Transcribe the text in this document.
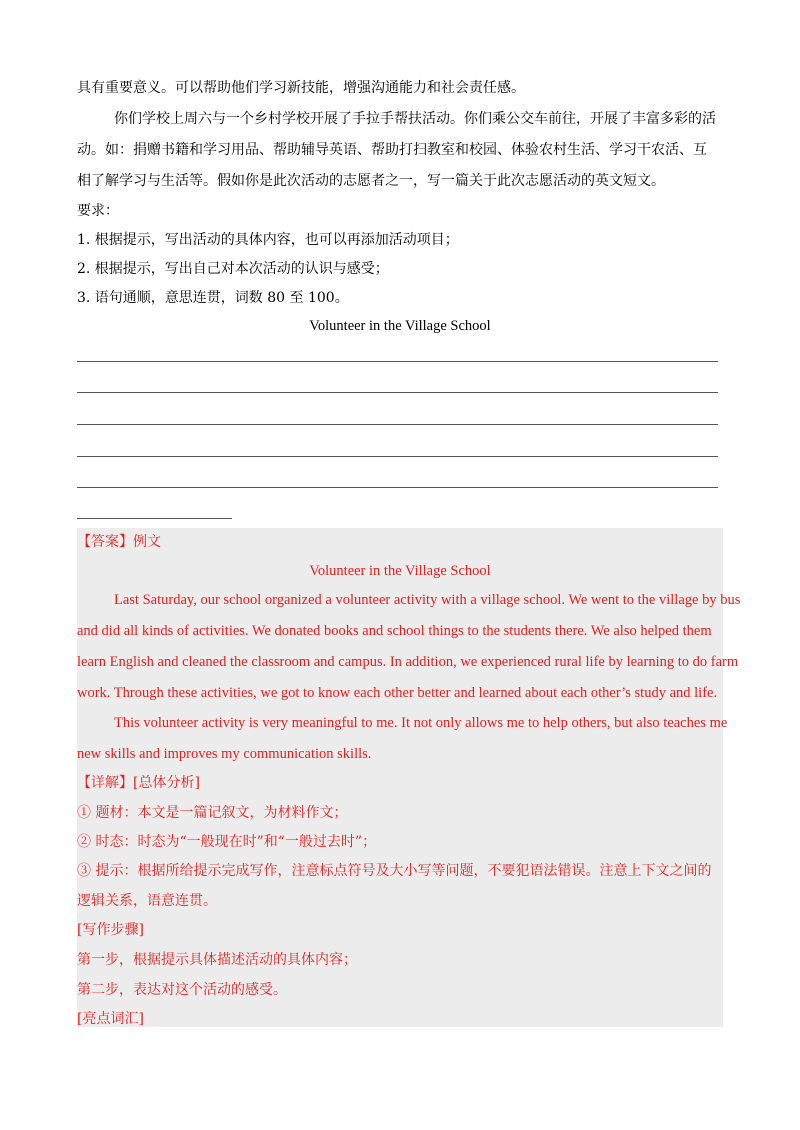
具有重要意义。可以帮助他们学习新技能，增强沟通能力和社会责任感。
你们学校上周六与一个乡村学校开展了手拉手帮扶活动。你们乘公交车前往，开展了丰富多彩的活
动。如：捐赠书籍和学习用品、帮助辅导英语、帮助打扫教室和校园、体验农村生活、学习干农活、互
相了解学习与生活等。假如你是此次活动的志愿者之一，写一篇关于此次志愿活动的英文短文。
要求：
1. 根据提示，写出活动的具体内容，也可以再添加活动项目；
2. 根据提示，写出自己对本次活动的认识与感受；
3. 语句通顺，意思连贯，词数 80 至 100。
Volunteer in the Village School
【答案】例文
Volunteer in the Village School
Last Saturday, our school organized a volunteer activity with a village school. We went to the village by bus
and did all kinds of activities. We donated books and school things to the students there. We also helped them
learn English and cleaned the classroom and campus. In addition, we experienced rural life by learning to do farm
work. Through these activities, we got to know each other better and learned about each other’s study and life.
This volunteer activity is very meaningful to me. It not only allows me to help others, but also teaches me
new skills and improves my communication skills.
【详解】[总体分析]
① 题材：本文是一篇记叙文，为材料作文；
② 时态：时态为“一般现在时”和“一般过去时”；
③ 提示：根据所给提示完成写作，注意标点符号及大小写等问题，不要犯语法错误。注意上下文之间的
逻辑关系，语意连贯。
[写作步骤]
第一步，根据提示具体描述活动的具体内容；
第二步，表达对这个活动的感受。
[亮点词汇]
